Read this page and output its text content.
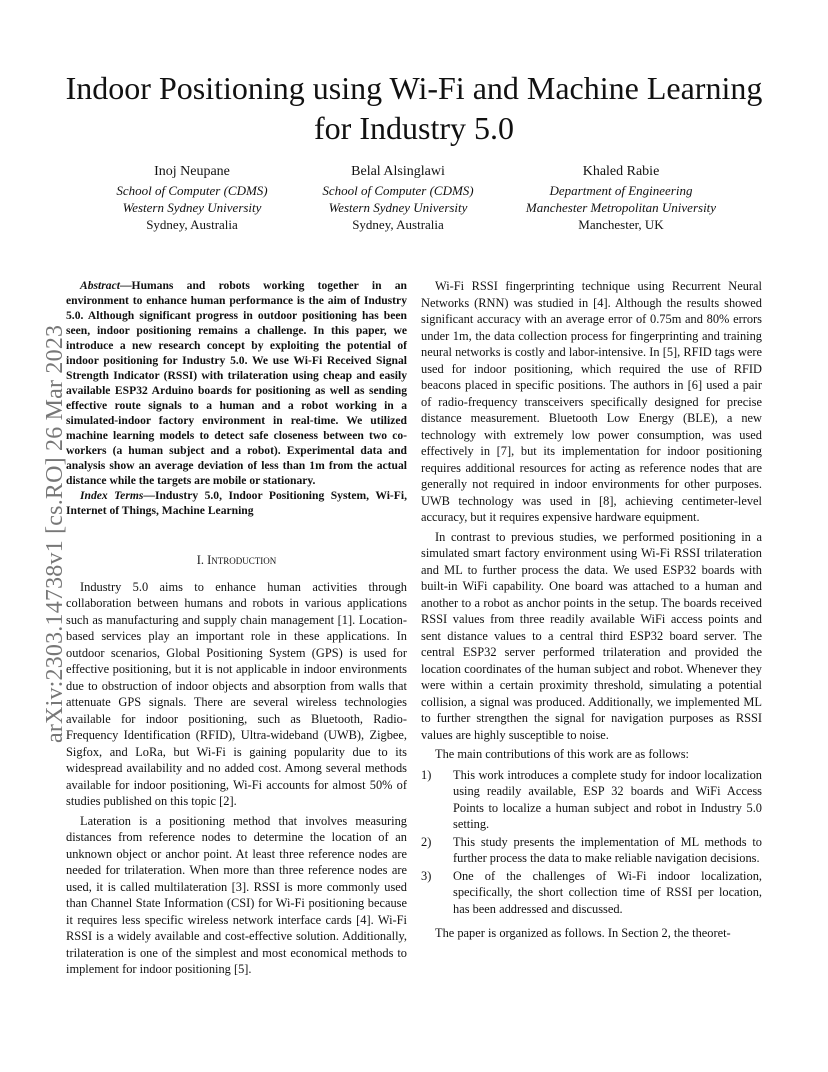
Indoor Positioning using Wi-Fi and Machine Learning for Industry 5.0
Inoj Neupane
School of Computer (CDMS)
Western Sydney University
Sydney, Australia
Belal Alsinglawi
School of Computer (CDMS)
Western Sydney University
Sydney, Australia
Khaled Rabie
Department of Engineering
Manchester Metropolitan University
Manchester, UK
arXiv:2303.14738v1 [cs.RO] 26 Mar 2023

Abstract—Humans and robots working together in an environment to enhance human performance is the aim of Industry 5.0. Although significant progress in outdoor positioning has been seen, indoor positioning remains a challenge. In this paper, we introduce a new research concept by exploiting the potential of indoor positioning for Industry 5.0. We use Wi-Fi Received Signal Strength Indicator (RSSI) with trilateration using cheap and easily available ESP32 Arduino boards for positioning as well as sending effective route signals to a human and a robot working in a simulated-indoor factory environment in real-time. We utilized machine learning models to detect safe closeness between two co-workers (a human subject and a robot). Experimental data and analysis show an average deviation of less than 1m from the actual distance while the targets are mobile or stationary.

Index Terms—Industry 5.0, Indoor Positioning System, Wi-Fi, Internet of Things, Machine Learning

I. Introduction

Industry 5.0 aims to enhance human activities through collaboration between humans and robots in various applications such as manufacturing and supply chain management [1]. Location-based services play an important role in these applications. In outdoor scenarios, Global Positioning System (GPS) is used for effective positioning, but it is not applicable in indoor environments due to obstruction of indoor objects and absorption from walls that attenuate GPS signals. There are several wireless technologies available for indoor positioning, such as Bluetooth, Radio-Frequency Identification (RFID), Ultra-wideband (UWB), Zigbee, Sigfox, and LoRa, but Wi-Fi is gaining popularity due to its widespread availability and no added cost. Among several methods available for indoor positioning, Wi-Fi accounts for almost 50% of studies published on this topic [2].

Lateration is a positioning method that involves measuring distances from reference nodes to determine the location of an unknown object or anchor point. At least three reference nodes are needed for trilateration. When more than three reference nodes are used, it is called multilateration [3]. RSSI is more commonly used than Channel State Information (CSI) for Wi-Fi positioning because it requires less specific wireless network interface cards [4]. Wi-Fi RSSI is a widely available and cost-effective solution. Additionally, trilateration is one of the simplest and most economical methods to implement for indoor positioning [5].

Wi-Fi RSSI fingerprinting technique using Recurrent Neural Networks (RNN) was studied in [4]. Although the results showed significant accuracy with an average error of 0.75m and 80% errors under 1m, the data collection process for fingerprinting and training neural networks is costly and labor-intensive. In [5], RFID tags were used for indoor positioning, which required the use of RFID beacons placed in specific positions. The authors in [6] used a pair of radio-frequency transceivers specifically designed for precise distance measurement. Bluetooth Low Energy (BLE), a new technology with extremely low power consumption, was used effectively in [7], but its implementation for indoor positioning requires additional resources for acting as reference nodes that are generally not required in indoor environments for other purposes. UWB technology was used in [8], achieving centimeter-level accuracy, but it requires expensive hardware equipment.

In contrast to previous studies, we performed positioning in a simulated smart factory environment using Wi-Fi RSSI trilateration and ML to further process the data. We used ESP32 boards with built-in WiFi capability. One board was attached to a human and another to a robot as anchor points in the setup. The boards received RSSI values from three readily available WiFi access points and sent distance values to a central third ESP32 board server. The central ESP32 server performed trilateration and provided the location coordinates of the human subject and robot. Whenever they were within a certain proximity threshold, simulating a potential collision, a signal was produced. Additionally, we implemented ML to further strengthen the signal for navigation purposes as RSSI values are highly susceptible to noise.

The main contributions of this work are as follows:

1)	This work introduces a complete study for indoor localization using readily available, ESP 32 boards and WiFi Access Points to localize a human subject and robot in Industry 5.0 setting.
2)	This study presents the implementation of ML methods to further process the data to make reliable navigation decisions.
3)	One of the challenges of Wi-Fi indoor localization, specifically, the short collection time of RSSI per location, has been addressed and discussed.

The paper is organized as follows. In Section 2, the theoret-
